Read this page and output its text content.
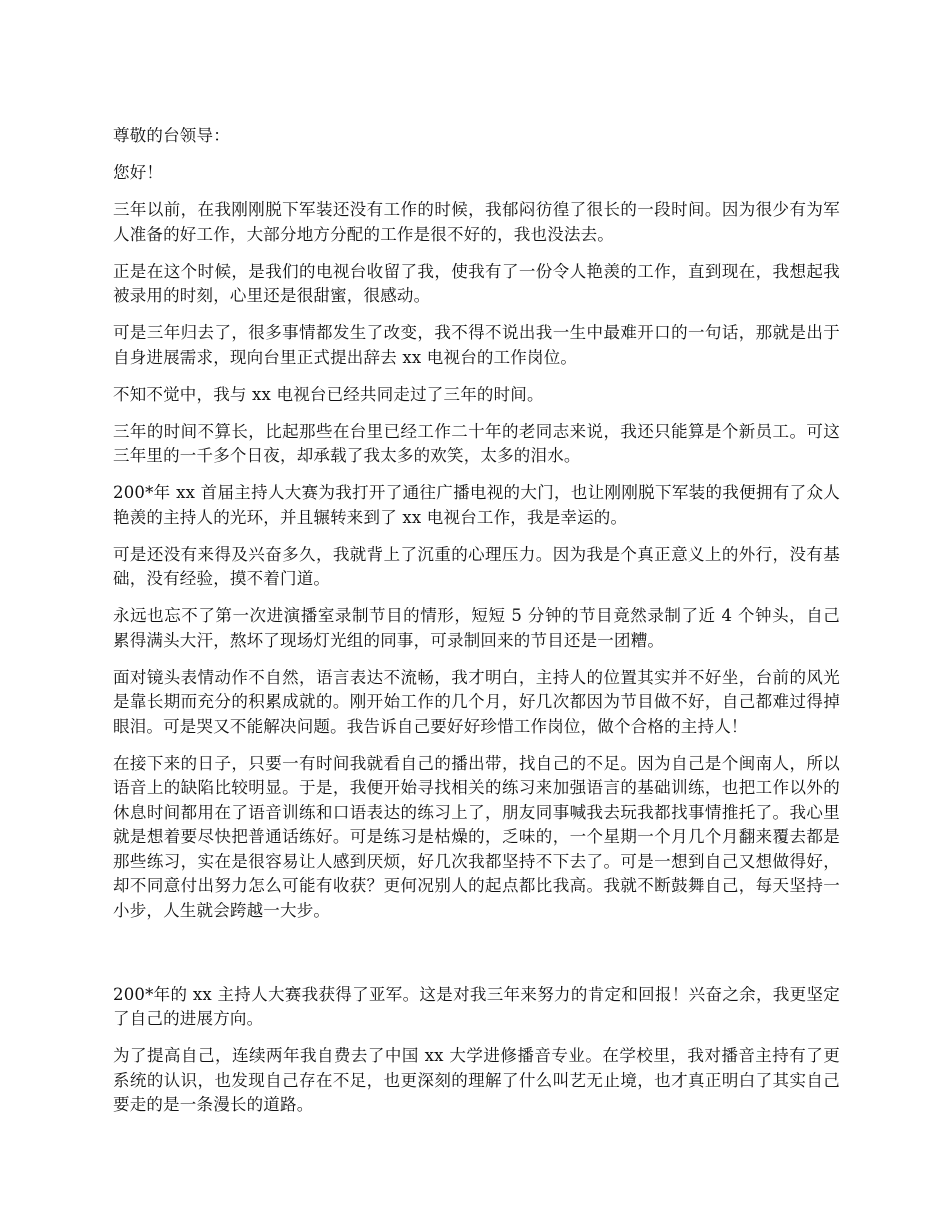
尊敬的台领导：

您好！

三年以前，在我刚刚脱下军装还没有工作的时候，我郁闷彷徨了很长的一段时间。因为很少有为军人准备的好工作，大部分地方分配的工作是很不好的，我也没法去。

正是在这个时候，是我们的电视台收留了我，使我有了一份令人艳羡的工作，直到现在，我想起我被录用的时刻，心里还是很甜蜜，很感动。

可是三年归去了，很多事情都发生了改变，我不得不说出我一生中最难开口的一句话，那就是出于自身进展需求，现向台里正式提出辞去 xx 电视台的工作岗位。

不知不觉中，我与 xx 电视台已经共同走过了三年的时间。

三年的时间不算长，比起那些在台里已经工作二十年的老同志来说，我还只能算是个新员工。可这三年里的一千多个日夜，却承载了我太多的欢笑，太多的泪水。

200*年 xx 首届主持人大赛为我打开了通往广播电视的大门，也让刚刚脱下军装的我便拥有了众人艳羡的主持人的光环，并且辗转来到了 xx 电视台工作，我是幸运的。

可是还没有来得及兴奋多久，我就背上了沉重的心理压力。因为我是个真正意义上的外行，没有基础，没有经验，摸不着门道。

永远也忘不了第一次进演播室录制节目的情形，短短 5 分钟的节目竟然录制了近 4 个钟头，自己累得满头大汗，熬坏了现场灯光组的同事，可录制回来的节目还是一团糟。

面对镜头表情动作不自然，语言表达不流畅，我才明白，主持人的位置其实并不好坐，台前的风光是靠长期而充分的积累成就的。刚开始工作的几个月，好几次都因为节目做不好，自己都难过得掉眼泪。可是哭又不能解决问题。我告诉自己要好好珍惜工作岗位，做个合格的主持人！

在接下来的日子，只要一有时间我就看自己的播出带，找自己的不足。因为自己是个闽南人，所以语音上的缺陷比较明显。于是，我便开始寻找相关的练习来加强语言的基础训练，也把工作以外的休息时间都用在了语音训练和口语表达的练习上了，朋友同事喊我去玩我都找事情推托了。我心里就是想着要尽快把普通话练好。可是练习是枯燥的，乏味的，一个星期一个月几个月翻来覆去都是那些练习，实在是很容易让人感到厌烦，好几次我都坚持不下去了。可是一想到自己又想做得好，却不同意付出努力怎么可能有收获？更何况别人的起点都比我高。我就不断鼓舞自己，每天坚持一小步，人生就会跨越一大步。

200*年的 xx 主持人大赛我获得了亚军。这是对我三年来努力的肯定和回报！兴奋之余，我更坚定了自己的进展方向。

为了提高自己，连续两年我自费去了中国 xx 大学进修播音专业。在学校里，我对播音主持有了更系统的认识，也发现自己存在不足，也更深刻的理解了什么叫艺无止境，也才真正明白了其实自己要走的是一条漫长的道路。
